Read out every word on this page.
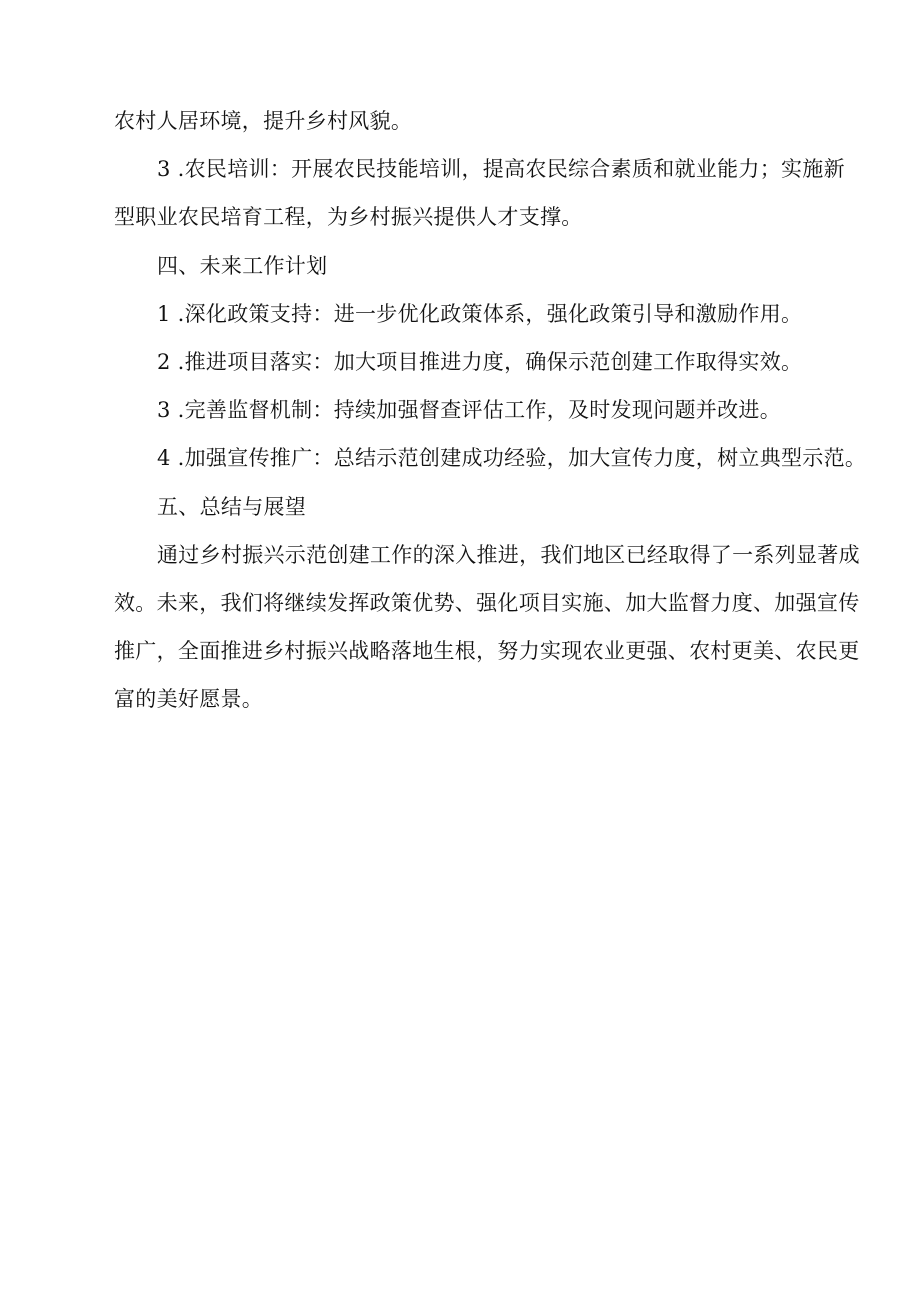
农村人居环境，提升乡村风貌。
3 .农民培训：开展农民技能培训，提高农民综合素质和就业能力；实施新
型职业农民培育工程，为乡村振兴提供人才支撑。
四、未来工作计划
1 .深化政策支持：进一步优化政策体系，强化政策引导和激励作用。
2 .推进项目落实：加大项目推进力度，确保示范创建工作取得实效。
3 .完善监督机制：持续加强督查评估工作，及时发现问题并改进。
4 .加强宣传推广：总结示范创建成功经验，加大宣传力度，树立典型示范。
五、总结与展望
通过乡村振兴示范创建工作的深入推进，我们地区已经取得了一系列显著成
效。未来，我们将继续发挥政策优势、强化项目实施、加大监督力度、加强宣传
推广，全面推进乡村振兴战略落地生根，努力实现农业更强、农村更美、农民更
富的美好愿景。
